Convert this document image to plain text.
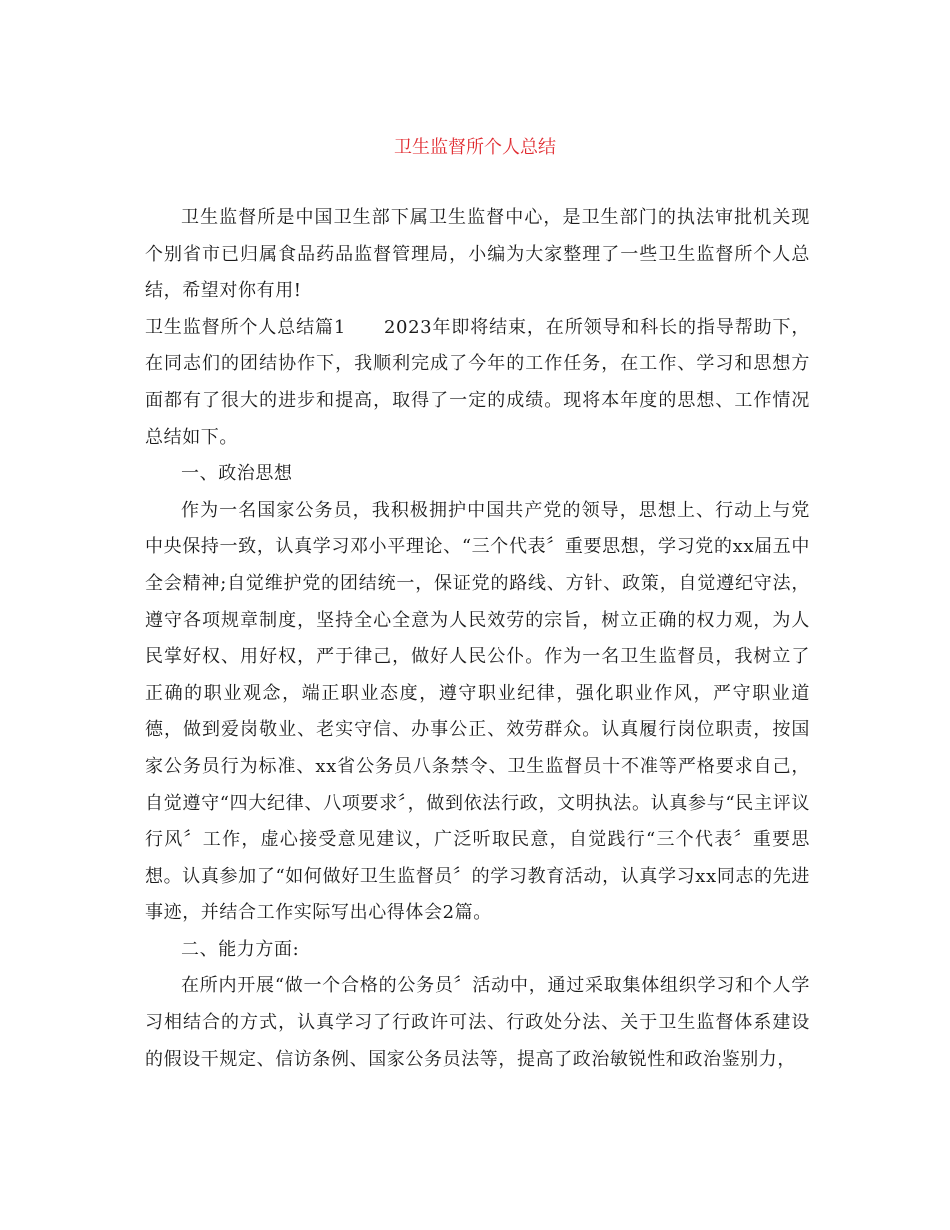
卫生监督所个人总结

卫生监督所是中国卫生部下属卫生监督中心，是卫生部门的执法审批机关现个别省市已归属食品药品监督管理局，小编为大家整理了一些卫生监督所个人总结，希望对你有用!

卫生监督所个人总结篇1 2023年即将结束，在所领导和科长的指导帮助下，在同志们的团结协作下，我顺利完成了今年的工作任务，在工作、学习和思想方面都有了很大的进步和提高，取得了一定的成绩。现将本年度的思想、工作情况总结如下。

一、政治思想

作为一名国家公务员，我积极拥护中国共产党的领导，思想上、行动上与党中央保持一致，认真学习邓小平理论、“三个代表〞重要思想，学习党的xx届五中全会精神;自觉维护党的团结统一，保证党的路线、方针、政策，自觉遵纪守法，遵守各项规章制度，坚持全心全意为人民效劳的宗旨，树立正确的权力观，为人民掌好权、用好权，严于律己，做好人民公仆。作为一名卫生监督员，我树立了正确的职业观念，端正职业态度，遵守职业纪律，强化职业作风，严守职业道德，做到爱岗敬业、老实守信、办事公正、效劳群众。认真履行岗位职责，按国家公务员行为标准、xx省公务员八条禁令、卫生监督员十不准等严格要求自己，自觉遵守“四大纪律、八项要求〞，做到依法行政，文明执法。认真参与“民主评议行风〞工作，虚心接受意见建议，广泛听取民意，自觉践行“三个代表〞重要思想。认真参加了“如何做好卫生监督员〞的学习教育活动，认真学习xx同志的先进事迹，并结合工作实际写出心得体会2篇。

二、能力方面:

在所内开展“做一个合格的公务员〞活动中，通过采取集体组织学习和个人学习相结合的方式，认真学习了行政许可法、行政处分法、关于卫生监督体系建设的假设干规定、信访条例、国家公务员法等，提高了政治敏锐性和政治鉴别力，
